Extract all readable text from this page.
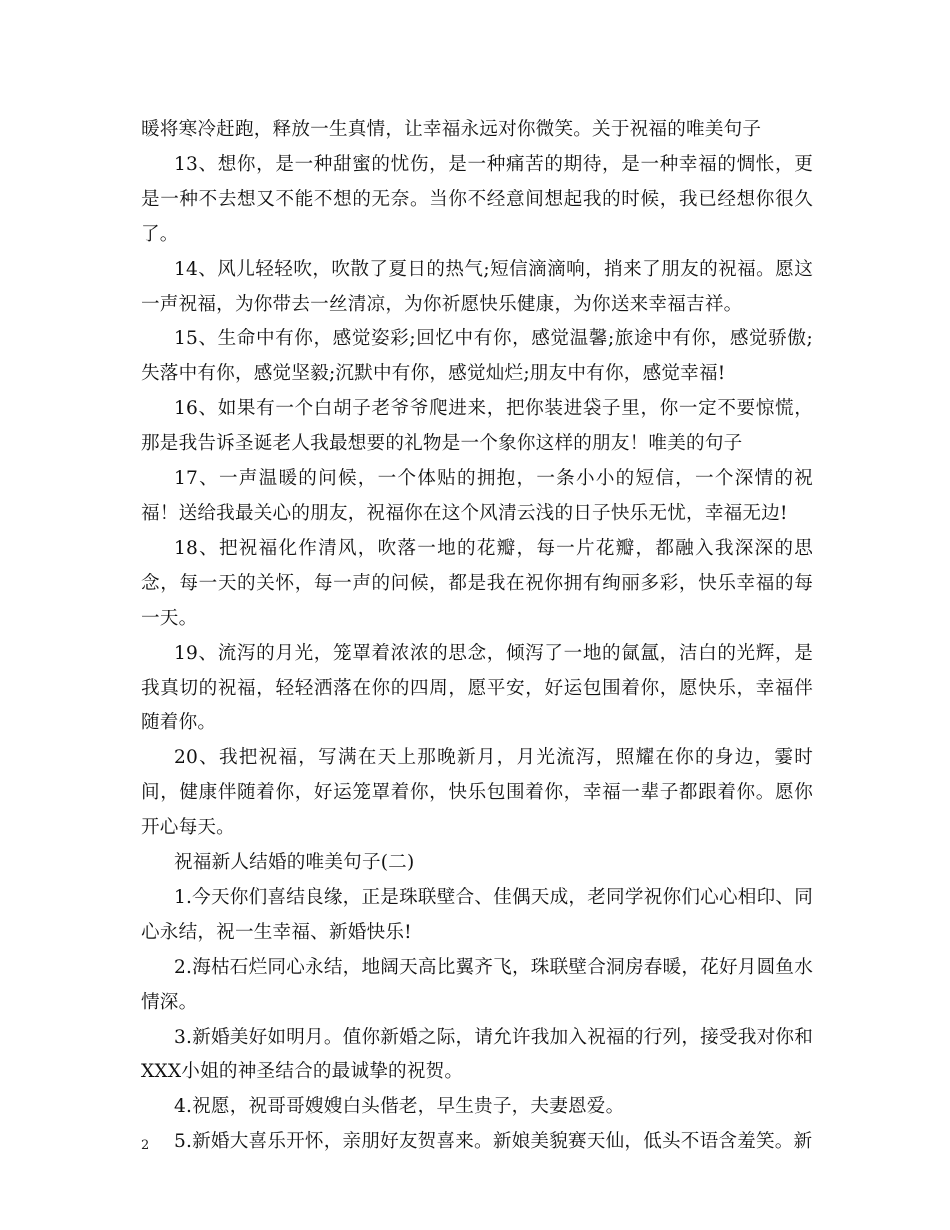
暖将寒冷赶跑，释放一生真情，让幸福永远对你微笑。关于祝福的唯美句子

13、想你，是一种甜蜜的忧伤，是一种痛苦的期待，是一种幸福的惆怅，更是一种不去想又不能不想的无奈。当你不经意间想起我的时候，我已经想你很久了。

14、风儿轻轻吹，吹散了夏日的热气;短信滴滴响，捎来了朋友的祝福。愿这一声祝福，为你带去一丝清凉，为你祈愿快乐健康，为你送来幸福吉祥。

15、生命中有你，感觉姿彩;回忆中有你，感觉温馨;旅途中有你，感觉骄傲;失落中有你，感觉坚毅;沉默中有你，感觉灿烂;朋友中有你，感觉幸福!

16、如果有一个白胡子老爷爷爬进来，把你装进袋子里，你一定不要惊慌，那是我告诉圣诞老人我最想要的礼物是一个象你这样的朋友！唯美的句子

17、一声温暖的问候，一个体贴的拥抱，一条小小的短信，一个深情的祝福！送给我最关心的朋友，祝福你在这个风清云浅的日子快乐无忧，幸福无边!

18、把祝福化作清风，吹落一地的花瓣，每一片花瓣，都融入我深深的思念，每一天的关怀，每一声的问候，都是我在祝你拥有绚丽多彩，快乐幸福的每一天。

19、流泻的月光，笼罩着浓浓的思念，倾泻了一地的氤氲，洁白的光辉，是我真切的祝福，轻轻洒落在你的四周，愿平安，好运包围着你，愿快乐，幸福伴随着你。

20、我把祝福，写满在天上那晚新月，月光流泻，照耀在你的身边，霎时间，健康伴随着你，好运笼罩着你，快乐包围着你，幸福一辈子都跟着你。愿你开心每天。

祝福新人结婚的唯美句子(二)

1.今天你们喜结良缘，正是珠联壁合、佳偶天成，老同学祝你们心心相印、同心永结，祝一生幸福、新婚快乐!

2.海枯石烂同心永结，地阔天高比翼齐飞，珠联壁合洞房春暖，花好月圆鱼水情深。

3.新婚美好如明月。值你新婚之际，请允许我加入祝福的行列，接受我对你和XXX小姐的神圣结合的最诚挚的祝贺。

4.祝愿，祝哥哥嫂嫂白头偕老，早生贵子，夫妻恩爱。

5.新婚大喜乐开怀，亲朋好友贺喜来。新娘美貌赛天仙，低头不语含羞笑。新

2
